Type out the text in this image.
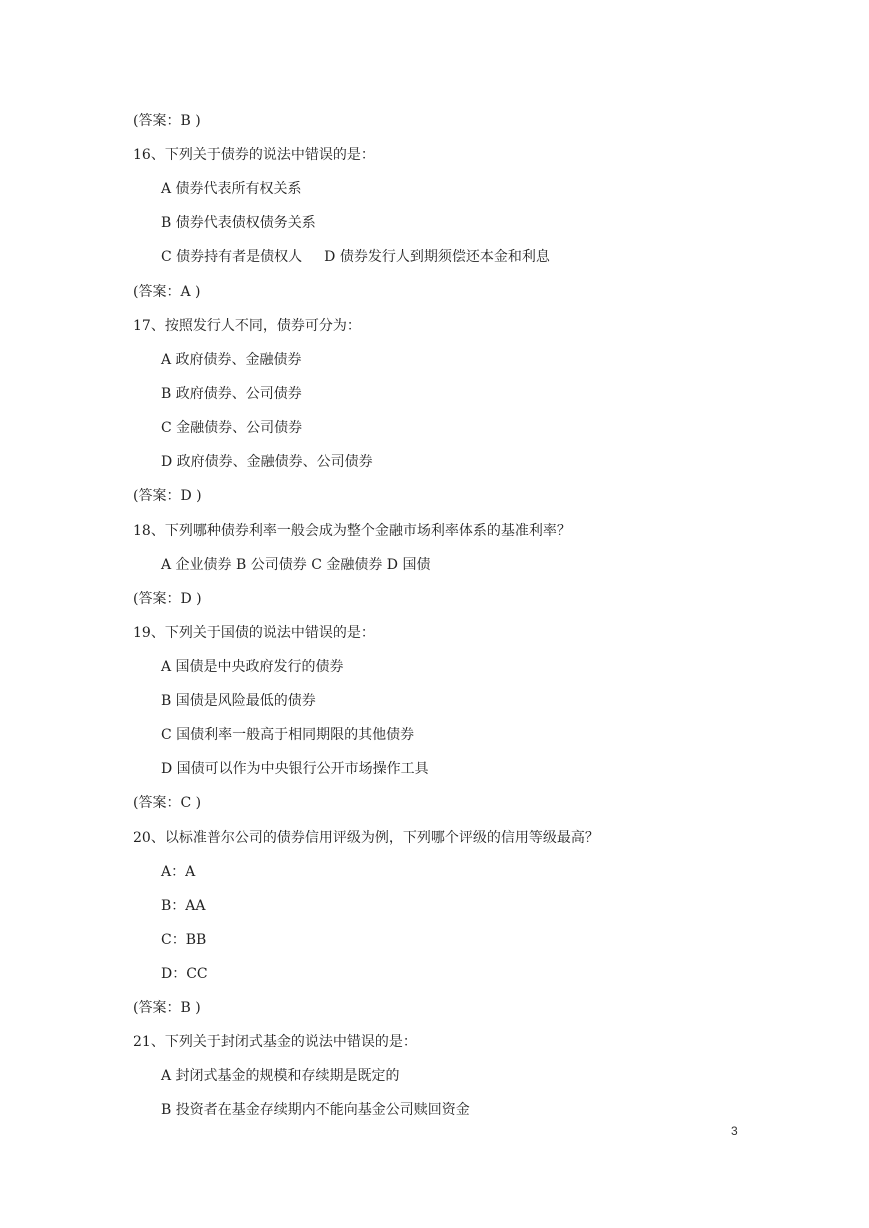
(答案：B )
16、下列关于债券的说法中错误的是：
A 债券代表所有权关系
B 债券代表债权债务关系
C 债券持有者是债权人 D 债券发行人到期须偿还本金和利息
(答案：A )
17、按照发行人不同，债券可分为：
A 政府债券、金融债券
B 政府债券、公司债券
C 金融债券、公司债券
D 政府债券、金融债券、公司债券
(答案：D )
18、下列哪种债券利率一般会成为整个金融市场利率体系的基准利率？
A 企业债券 B 公司债券 C 金融债券 D 国债
(答案：D )
19、下列关于国债的说法中错误的是：
A 国债是中央政府发行的债券
B 国债是风险最低的债券
C 国债利率一般高于相同期限的其他债券
D 国债可以作为中央银行公开市场操作工具
(答案：C )
20、以标准普尔公司的债券信用评级为例，下列哪个评级的信用等级最高？
A：A
B：AA
C：BB
D：CC
(答案：B )
21、下列关于封闭式基金的说法中错误的是：
A 封闭式基金的规模和存续期是既定的
B 投资者在基金存续期内不能向基金公司赎回资金
3
